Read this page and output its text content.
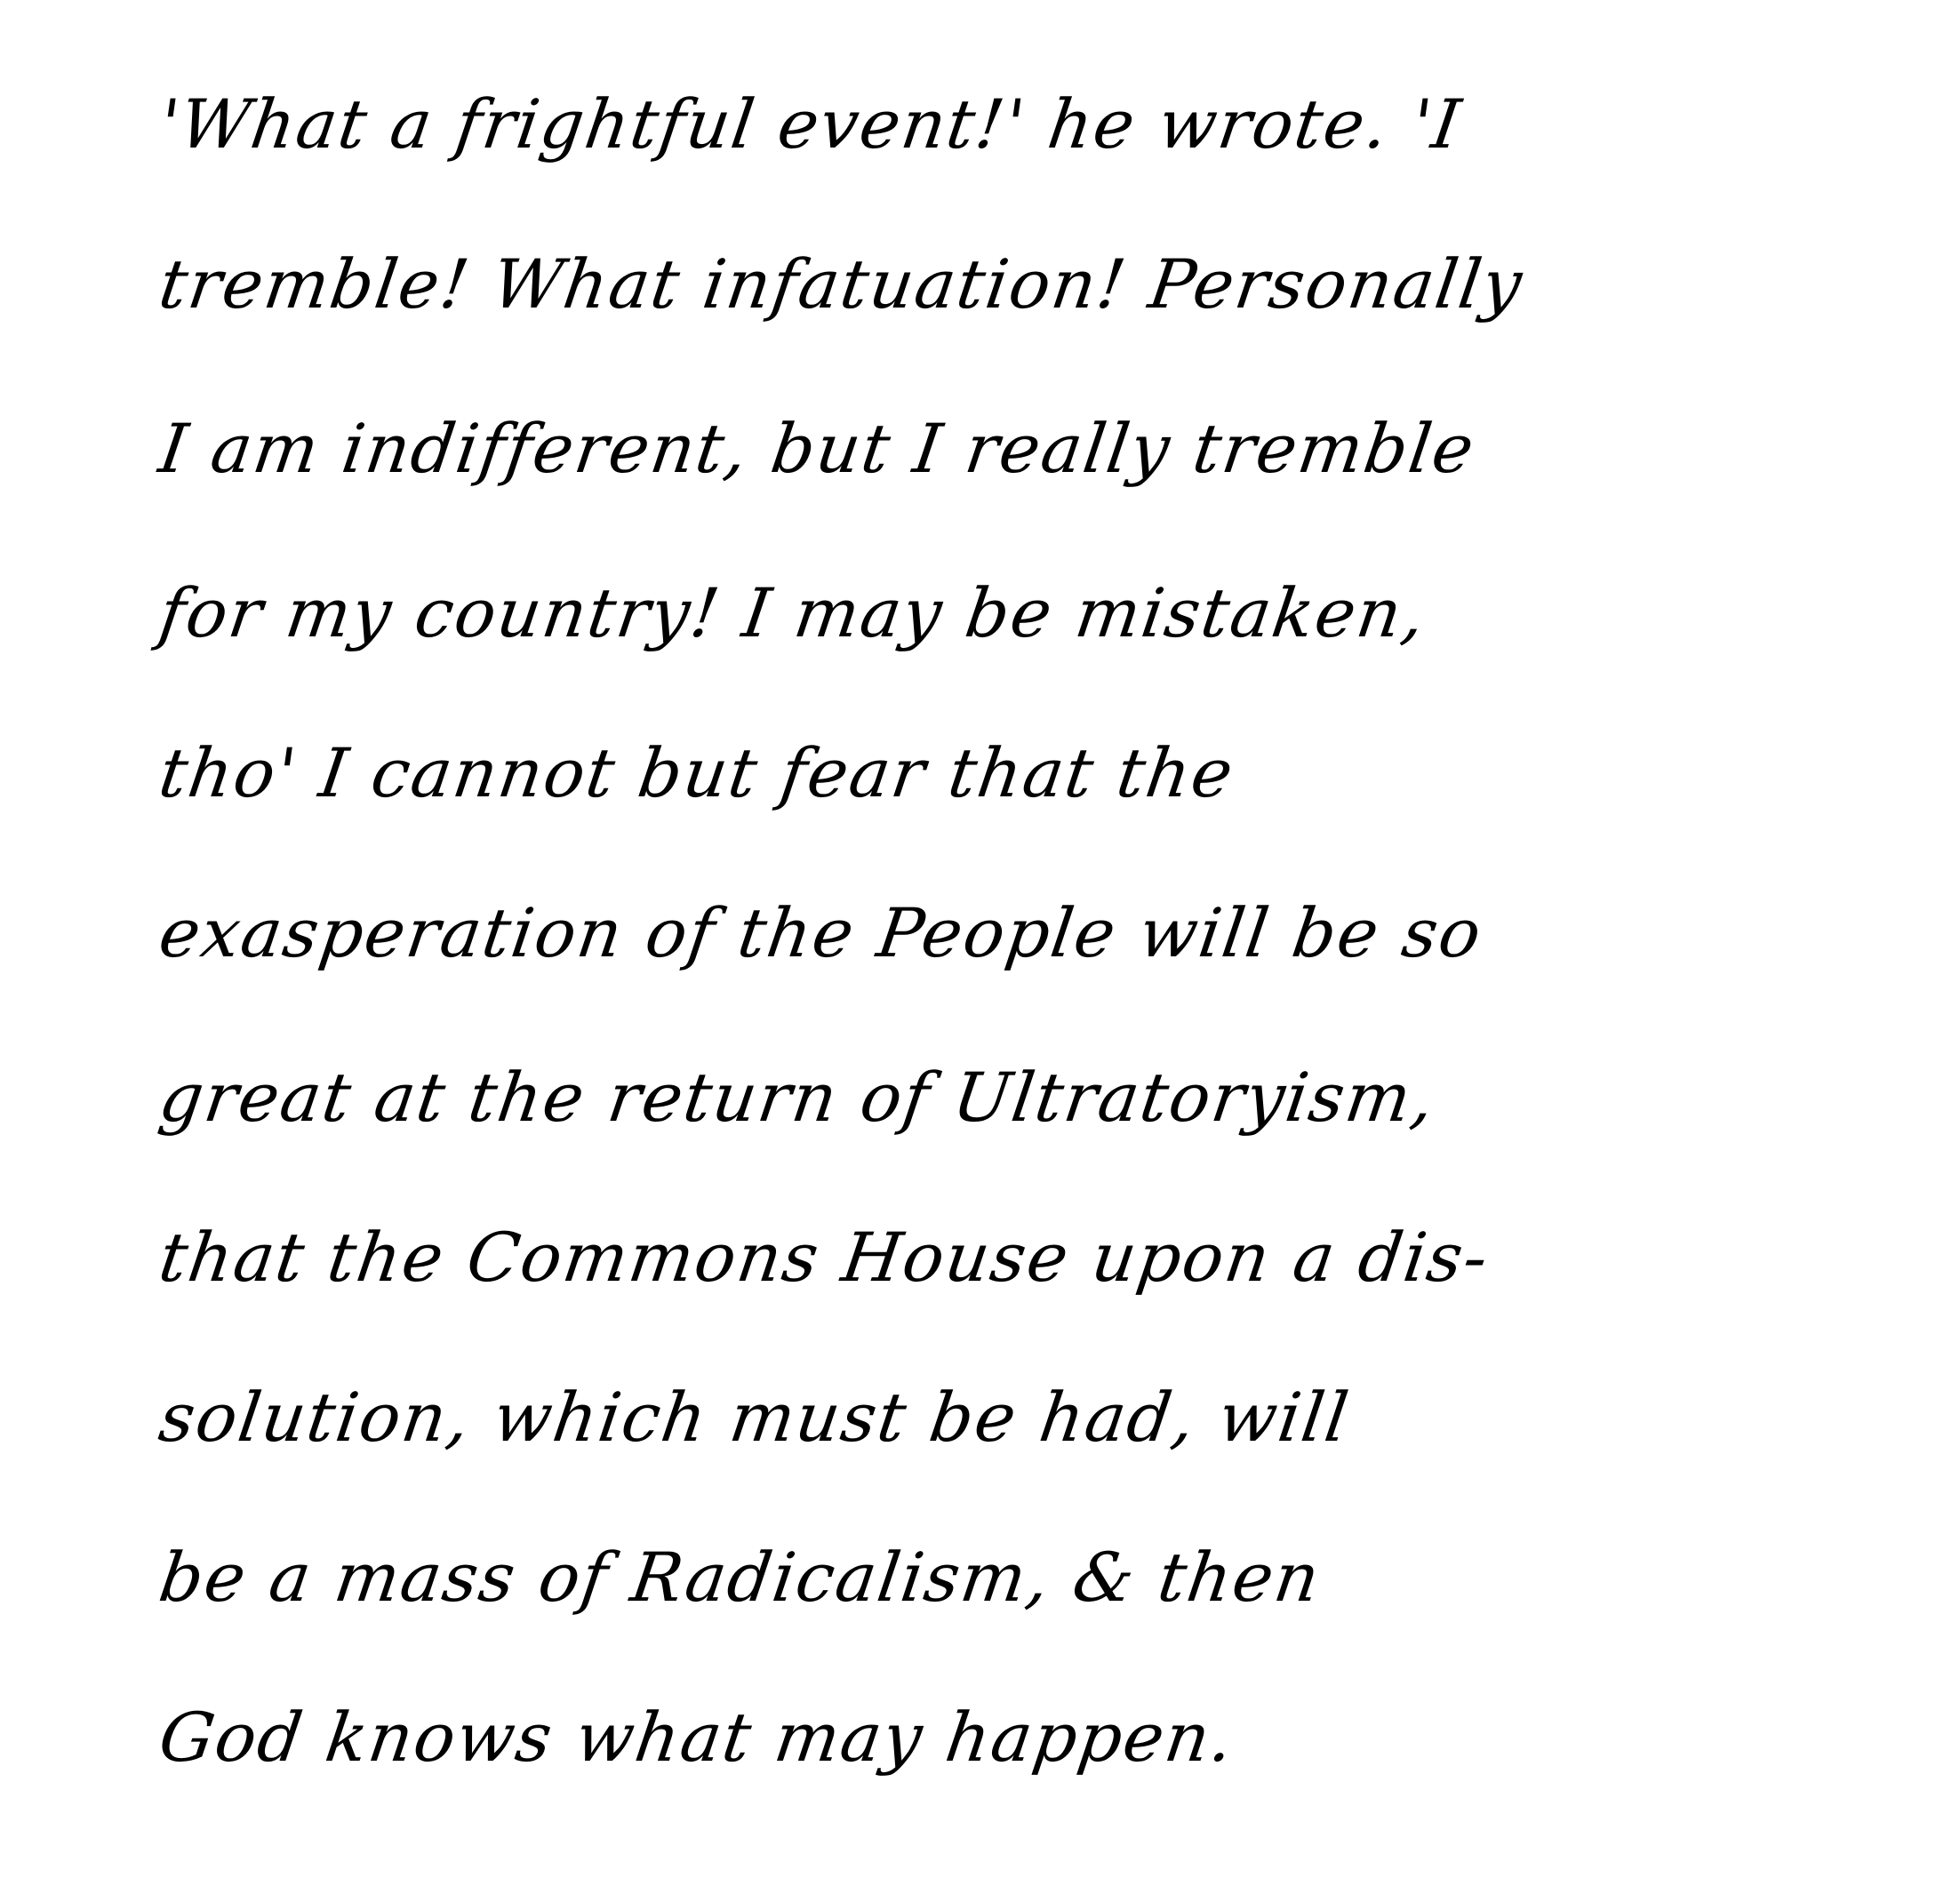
'What a frightful event!' he wrote. 'I
tremble! What infatuation! Personally
I am indifferent, but I really tremble
for my country! I may be mistaken,
tho' I cannot but fear that the
exasperation of the People will be so
great at the return of Ultratoryism,
that the Commons House upon a dis-
solution, which must be had, will
be a mass of Radicalism, & then
God knows what may happen.
